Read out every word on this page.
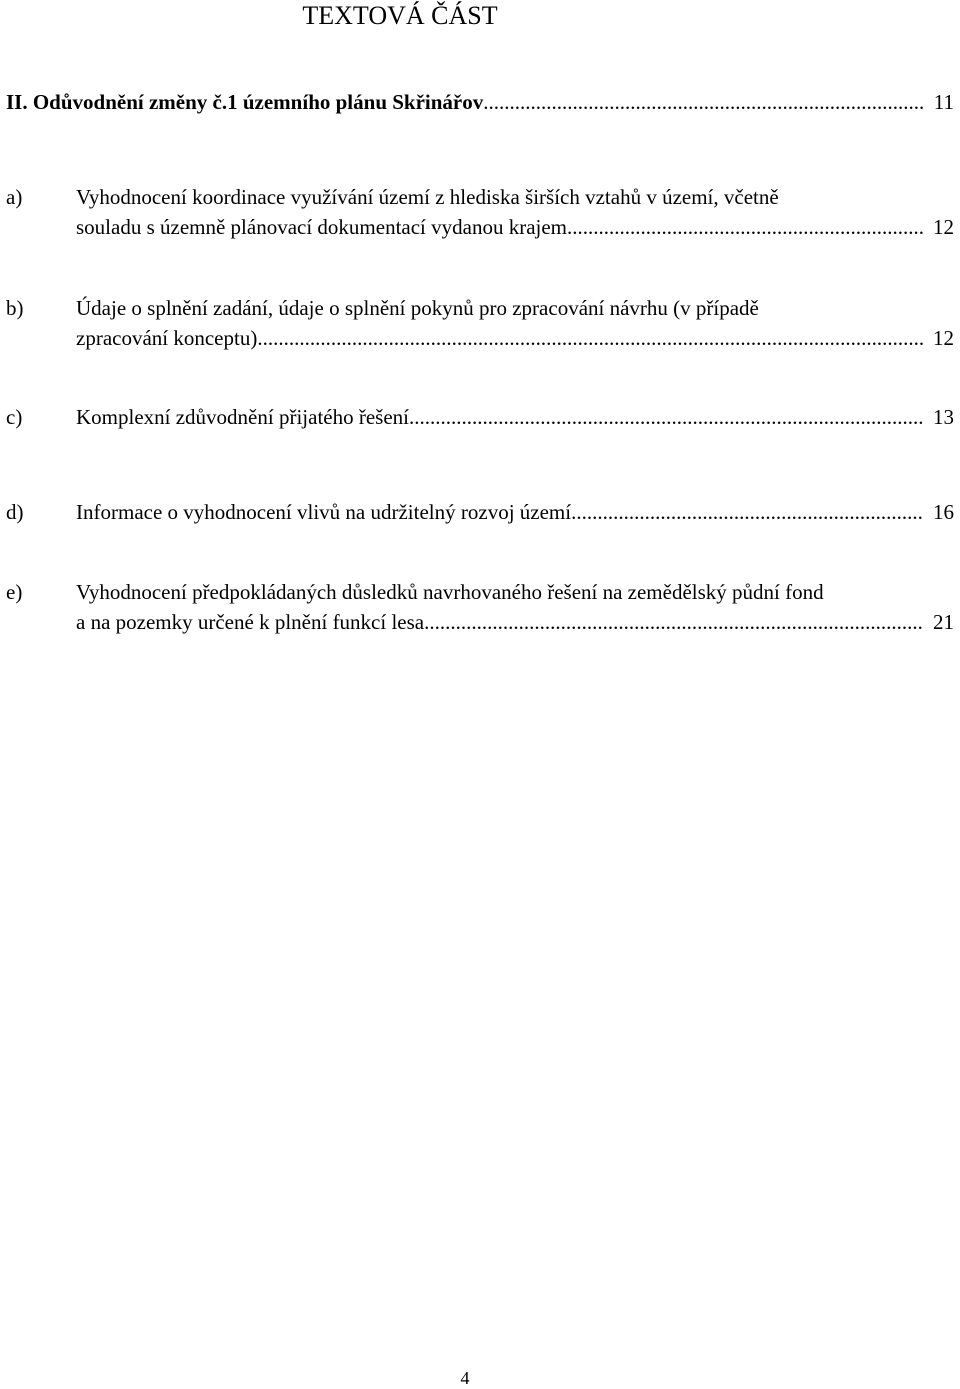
TEXTOVÁ ČÁST
II. Odůvodnění změny č.1 územního plánu Skřinářov .....	11
a)	Vyhodnocení koordinace využívání území z hlediska širších vztahů v území, včetně
souladu s územně plánovací dokumentací vydanou krajem .....	12
b)	Údaje o splnění zadání, údaje o splnění pokynů pro zpracování návrhu (v případě
zpracování konceptu) .....	12
c)	Komplexní zdůvodnění přijatého řešení .....	13
d)	Informace o vyhodnocení vlivů na udržitelný rozvoj území .....	16
e)	Vyhodnocení předpokládaných důsledků navrhovaného řešení na zemědělský půdní fond
a na pozemky určené k plnění funkcí lesa .....	21
4
